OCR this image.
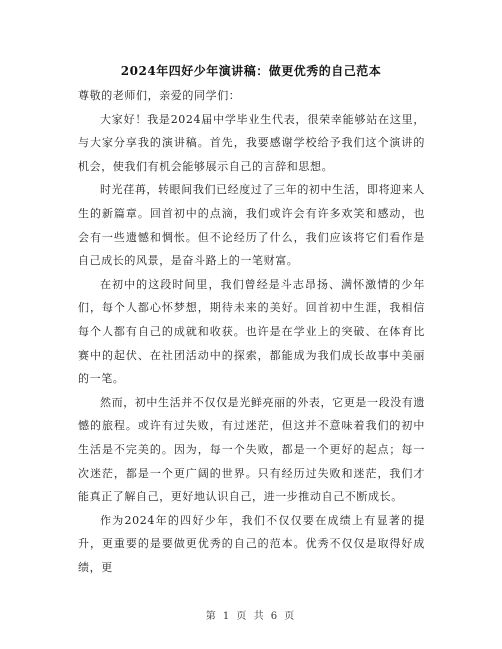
2024年四好少年演讲稿：做更优秀的自己范本

尊敬的老师们，亲爱的同学们：

大家好！我是2024届中学毕业生代表，很荣幸能够站在这里，与大家分享我的演讲稿。首先，我要感谢学校给予我们这个演讲的机会，使我们有机会能够展示自己的言辞和思想。

时光荏苒，转眼间我们已经度过了三年的初中生活，即将迎来人生的新篇章。回首初中的点滴，我们或许会有许多欢笑和感动，也会有一些遗憾和惆怅。但不论经历了什么，我们应该将它们看作是自己成长的风景，是奋斗路上的一笔财富。

在初中的这段时间里，我们曾经是斗志昂扬、满怀激情的少年们，每个人都心怀梦想，期待未来的美好。回首初中生涯，我相信每个人都有自己的成就和收获。也许是在学业上的突破、在体育比赛中的起伏、在社团活动中的探索，都能成为我们成长故事中美丽的一笔。

然而，初中生活并不仅仅是光鲜亮丽的外表，它更是一段没有遗憾的旅程。或许有过失败，有过迷茫，但这并不意味着我们的初中生活是不完美的。因为，每一个失败，都是一个更好的起点；每一次迷茫，都是一个更广阔的世界。只有经历过失败和迷茫，我们才能真正了解自己，更好地认识自己，进一步推动自己不断成长。

作为2024年的四好少年，我们不仅仅要在成绩上有显著的提升，更重要的是要做更优秀的自己的范本。优秀不仅仅是取得好成绩，更

第 1 页 共 6 页
